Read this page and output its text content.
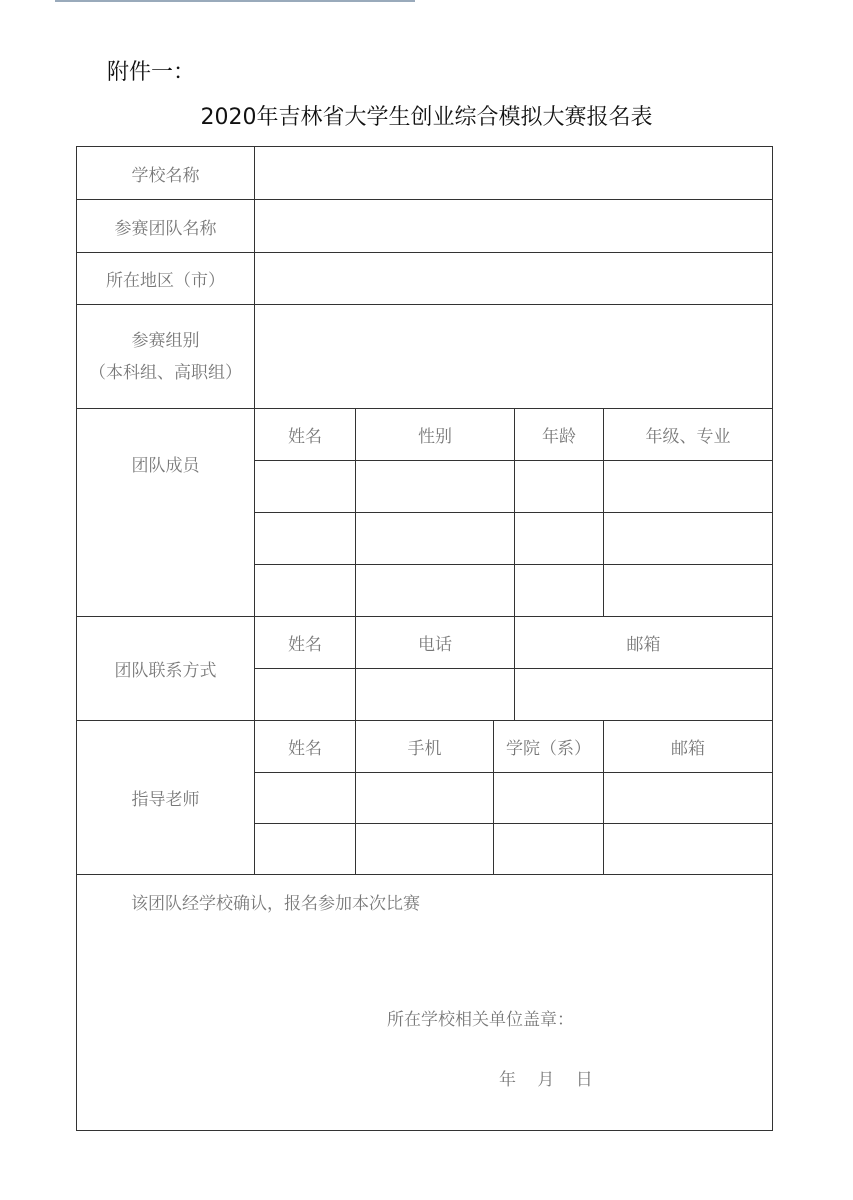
附件一：
2020年吉林省大学生创业综合模拟大赛报名表
学校名称					
参赛团队名称					
所在地区（市）					

参赛组别
（本科组、高职组）					

团队成员	姓名	性别		年龄	年级、专业

团队联系方式	姓名	电话		邮箱	

指导老师	姓名	手机	学院（系）		邮箱

该团队经学校确认，报名参加本次比赛
所在学校相关单位盖章：
年 月 日					
